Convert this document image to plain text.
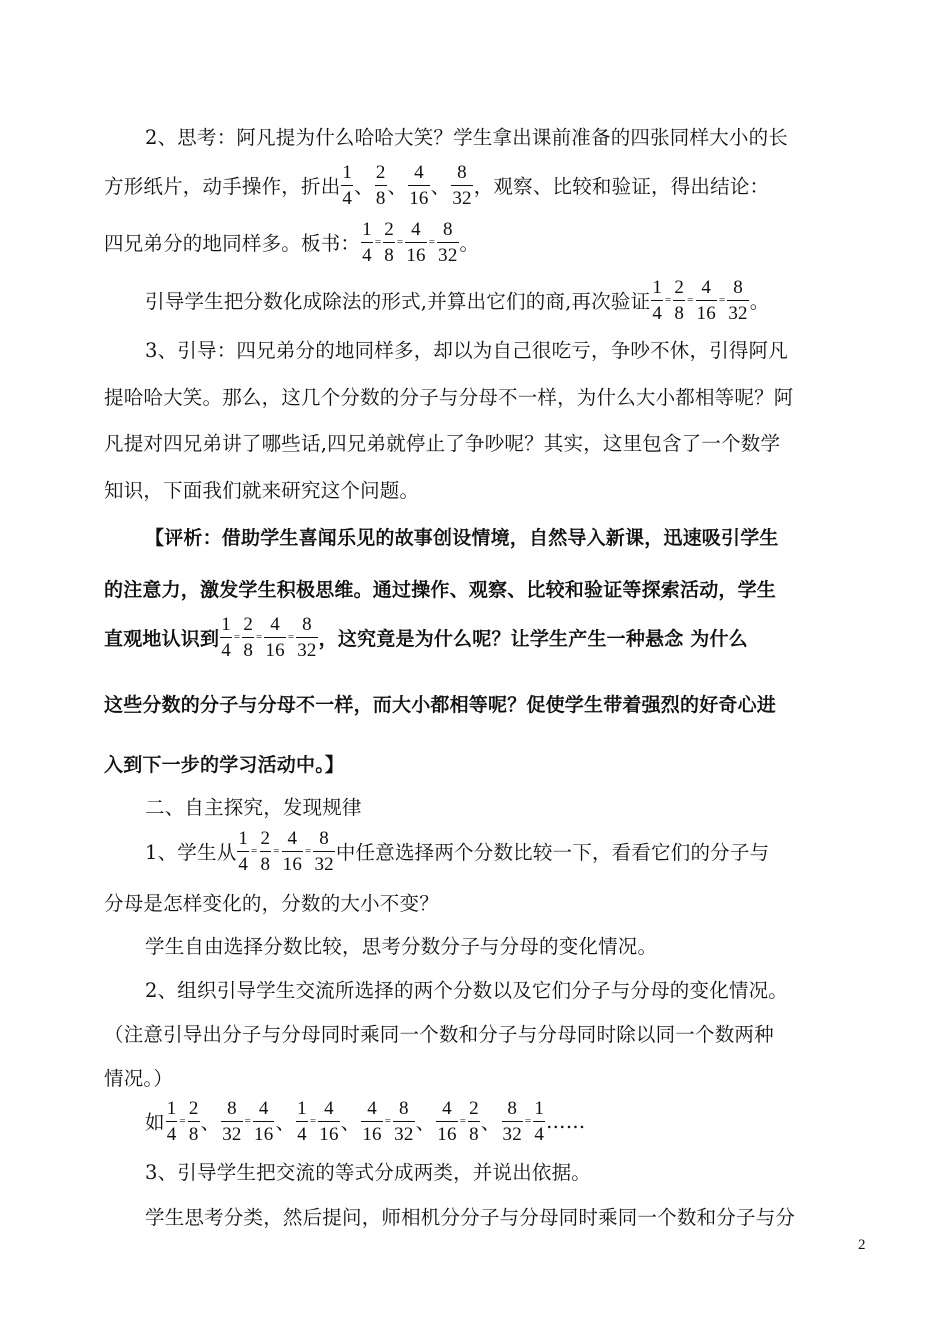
2、思考：阿凡提为什么哈哈大笑？学生拿出课前准备的四张同样大小的长
方形纸片，动手操作，折出 $\frac{1}{4}$ 、 $\frac{2}{8}$ 、 $\frac{4}{16}$ 、 $\frac{8}{32}$ ，观察、比较和验证，得出结论：
四兄弟分的地同样多。板书： $\frac{1}{4} = \frac{2}{8} = \frac{4}{16} = \frac{8}{32}$ 。
引导学生把分数化成除法的形式,并算出它们的商,再次验证 $\frac{1}{4} = \frac{2}{8} = \frac{4}{16} = \frac{8}{32}$ 。
3、引导：四兄弟分的地同样多，却以为自己很吃亏，争吵不休，引得阿凡
提哈哈大笑。那么，这几个分数的分子与分母不一样，为什么大小都相等呢？阿
凡提对四兄弟讲了哪些话,四兄弟就停止了争吵呢？其实，这里包含了一个数学
知识，下面我们就来研究这个问题。
【评析：借助学生喜闻乐见的故事创设情境，自然导入新课，迅速吸引学生
的注意力，激发学生积极思维。通过操作、观察、比较和验证等探索活动，学生
直观地认识到 $\frac{1}{4} = \frac{2}{8} = \frac{4}{16} = \frac{8}{32}$ ，这究竟是为什么呢？让学生产生一种悬念 为什么
这些分数的分子与分母不一样，而大小都相等呢？促使学生带着强烈的好奇心进
入到下一步的学习活动中。】
二、自主探究，发现规律
1、学生从 $\frac{1}{4} = \frac{2}{8} = \frac{4}{16} = \frac{8}{32}$ 中任意选择两个分数比较一下，看看它们的分子与
分母是怎样变化的，分数的大小不变？
学生自由选择分数比较，思考分数分子与分母的变化情况。
2、组织引导学生交流所选择的两个分数以及它们分子与分母的变化情况。
（注意引导出分子与分母同时乘同一个数和分子与分母同时除以同一个数两种
情况。）
如 $\frac{1}{4} = \frac{2}{8}$ 、 $\frac{8}{32} = \frac{4}{16}$ 、 $\frac{1}{4} = \frac{4}{16}$ 、 $\frac{4}{16} = \frac{8}{32}$ 、 $\frac{4}{16} = \frac{2}{8}$ 、 $\frac{8}{32} = \frac{1}{4}$ ……
3、引导学生把交流的等式分成两类，并说出依据。
学生思考分类，然后提问，师相机分分子与分母同时乘同一个数和分子与分
2
